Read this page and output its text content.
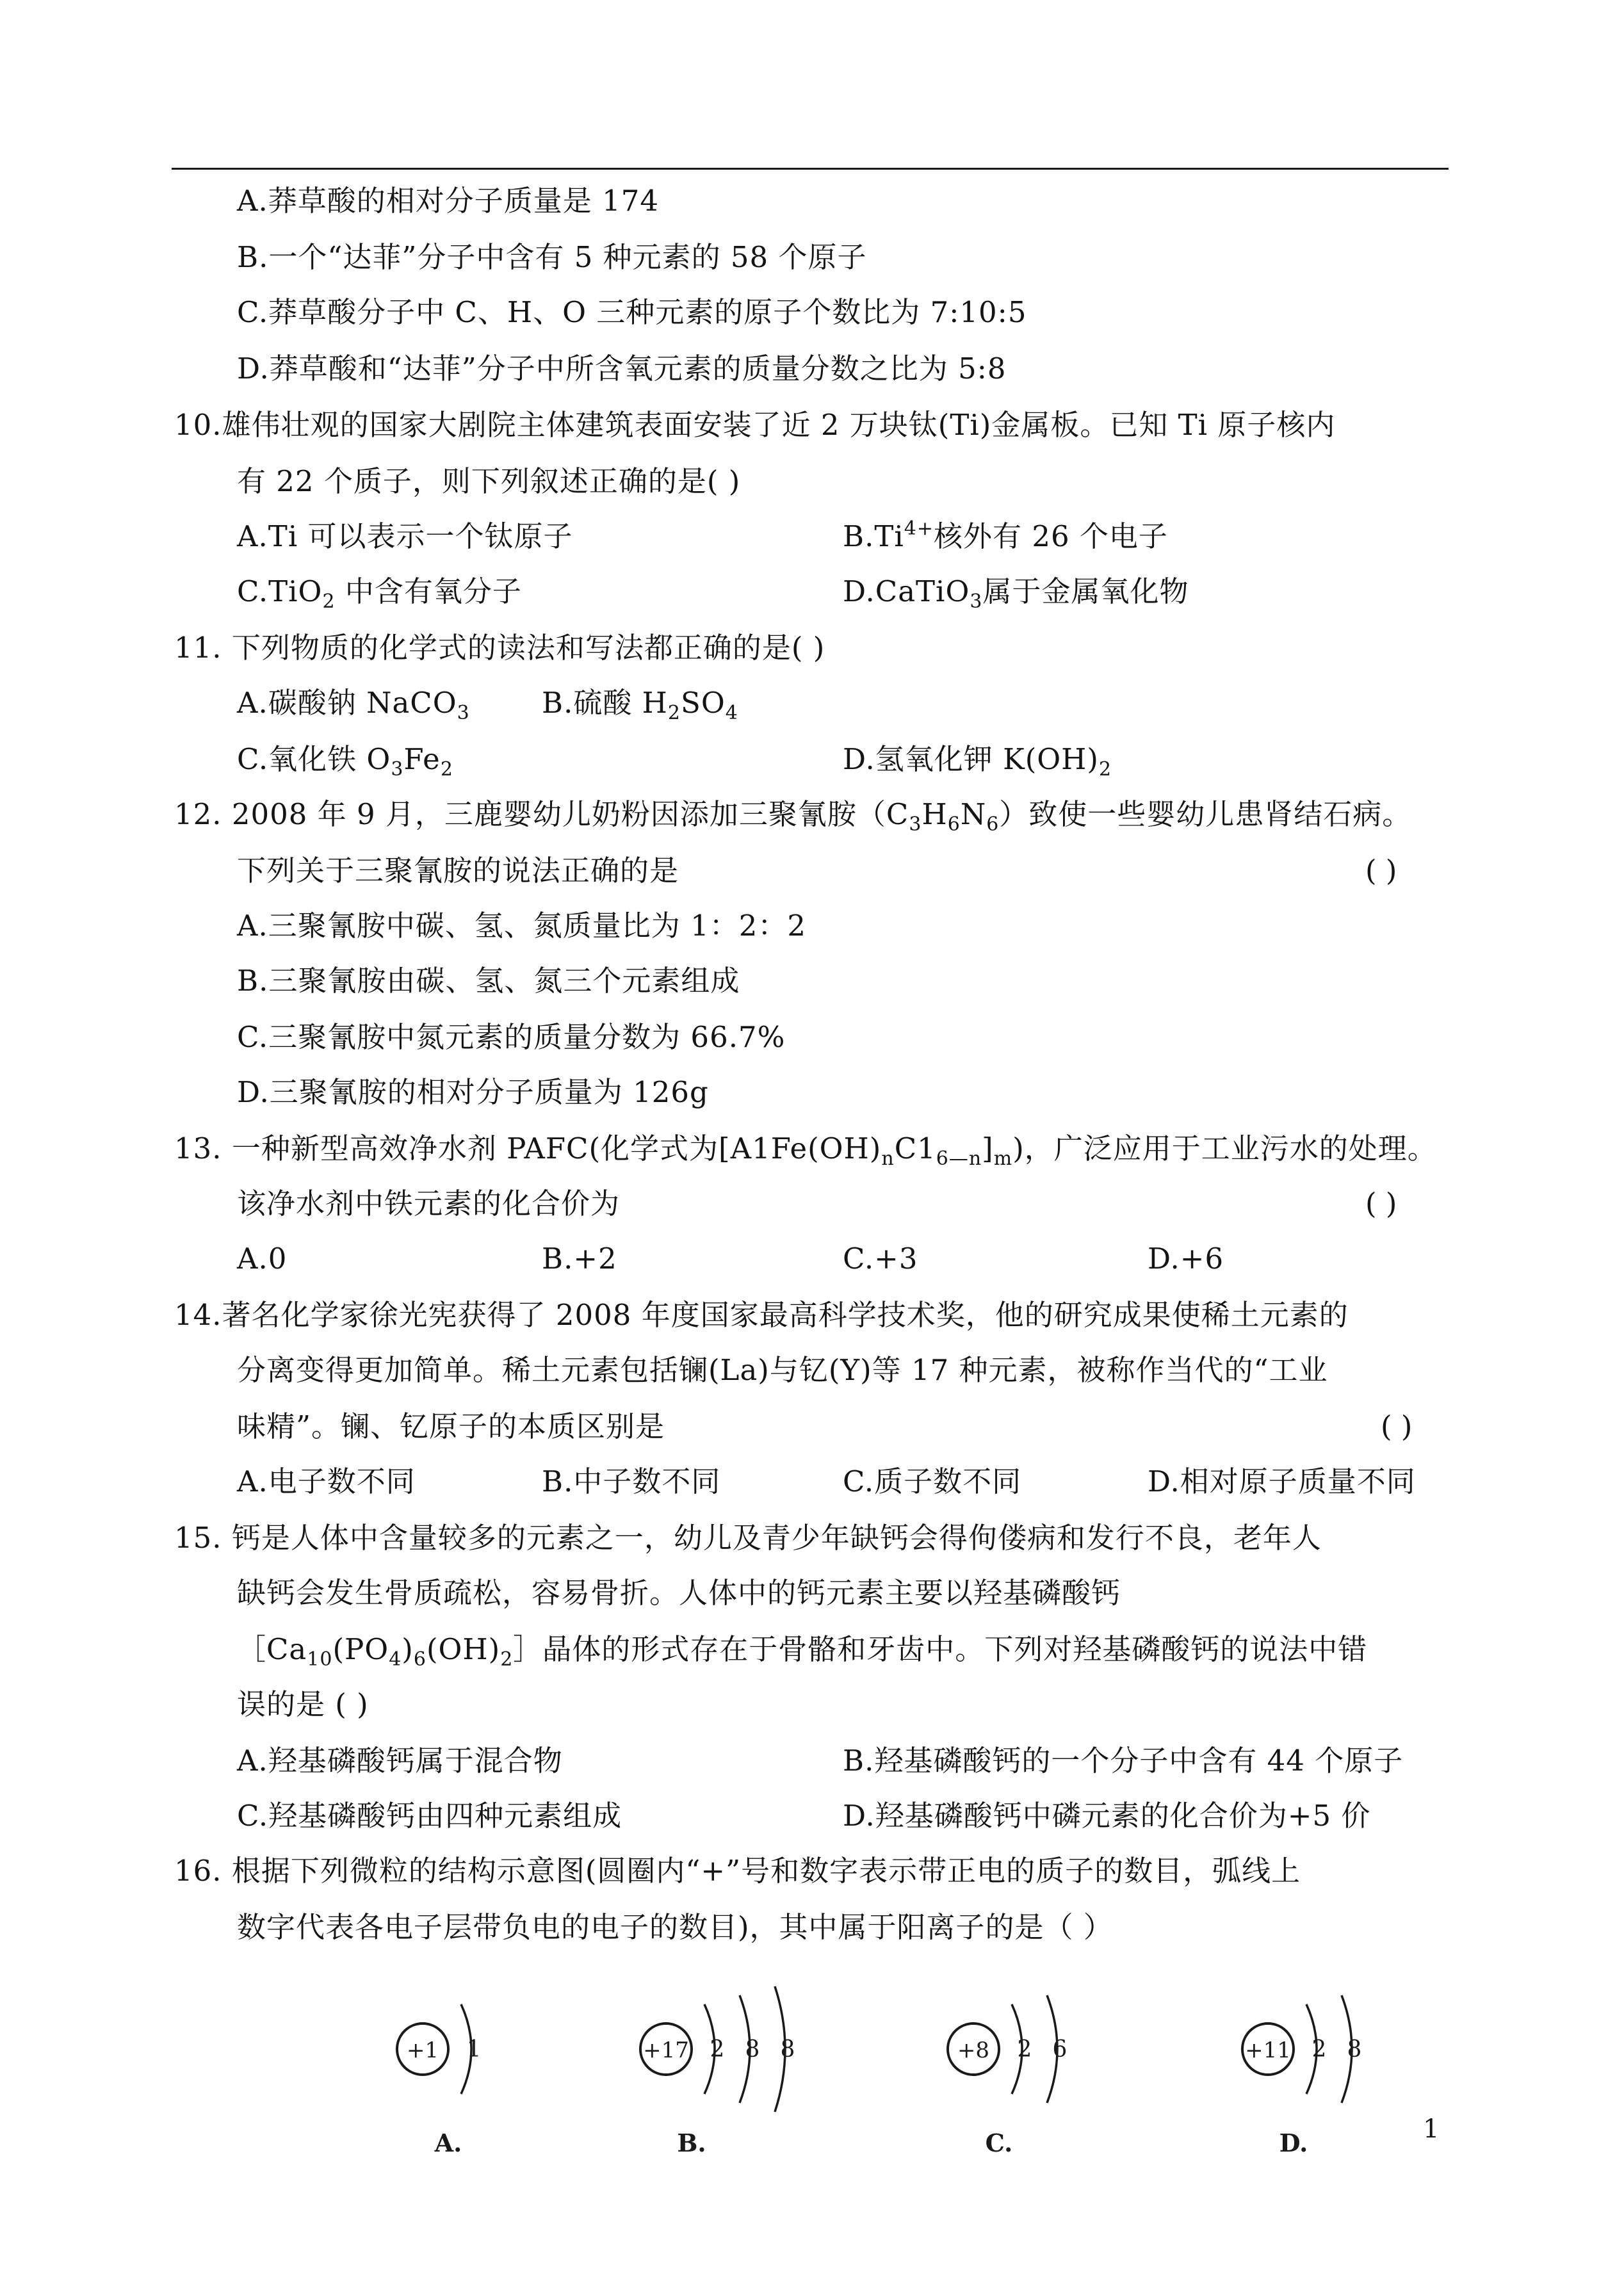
A.莽草酸的相对分子质量是 174
B.一个“达菲”分子中含有 5 种元素的 58 个原子
C.莽草酸分子中 C、H、O 三种元素的原子个数比为 7:10:5
D.莽草酸和“达菲”分子中所含氧元素的质量分数之比为 5:8
10.雄伟壮观的国家大剧院主体建筑表面安装了近 2 万块钛(Ti)金属板。已知 Ti 原子核内
有 22 个质子，则下列叙述正确的是( )
A.Ti 可以表示一个钛原子	$B.Ti^{4+}$核外有 26 个电子
C.TiO$_2$ 中含有氧分子	D.CaTiO$_3$属于金属氧化物
11. 下列物质的化学式的读法和写法都正确的是( )
A.碳酸钠 NaCO$_3$ B.硫酸 $H_2SO_4$
C.氧化铁 $O_3Fe_2$	D.氢氧化钾 $K(OH)_2$
12. 2008 年 9 月，三鹿婴幼儿奶粉因添加三聚氰胺$(C_3H_6N_6)$致使一些婴幼儿患肾结石病。
下列关于三聚氰胺的说法正确的是	( )
A.三聚氰胺中碳、氢、氮质量比为 1：2：2
B.三聚氰胺由碳、氢、氮三个元素组成
C.三聚氰胺中氮元素的质量分数为 66.7%
D.三聚氰胺的相对分子质量为 126g
13. 一种新型高效净水剂 PAFC(化学式为$[A1Fe(OH)_nC1_{6—n}]_m$)，广泛应用于工业污水的处理。
该净水剂中铁元素的化合价为	( )
A.0	B.+2	C.+3	D.+6
14.著名化学家徐光宪获得了 2008 年度国家最高科学技术奖，他的研究成果使稀土元素的
分离变得更加简单。稀土元素包括镧(La)与钇(Y)等 17 种元素，被称作当代的“工业
味精”。镧、钇原子的本质区别是	( )
A.电子数不同	B.中子数不同	C.质子数不同	D.相对原子质量不同
15. 钙是人体中含量较多的元素之一，幼儿及青少年缺钙会得佝偻病和发行不良，老年人
缺钙会发生骨质疏松，容易骨折。人体中的钙元素主要以羟基磷酸钙
$[Ca_{10}(PO_4)_6(OH)_2]$晶体的形式存在于骨骼和牙齿中。下列对羟基磷酸钙的说法中错
误的是 ( )
A.羟基磷酸钙属于混合物	B.羟基磷酸钙的一个分子中含有 44 个原子
C.羟基磷酸钙由四种元素组成	D.羟基磷酸钙中磷元素的化合价为+5 价
16. 根据下列微粒的结构示意图(圆圈内“+”号和数字表示带正电的质子的数目，弧线上
数字代表各电子层带负电的电子的数目)，其中属于阳离子的是（ ）
+1 1
A.
+17 2 8 8
B.
+8 2 6
C.
+11 2 8
D.	1
